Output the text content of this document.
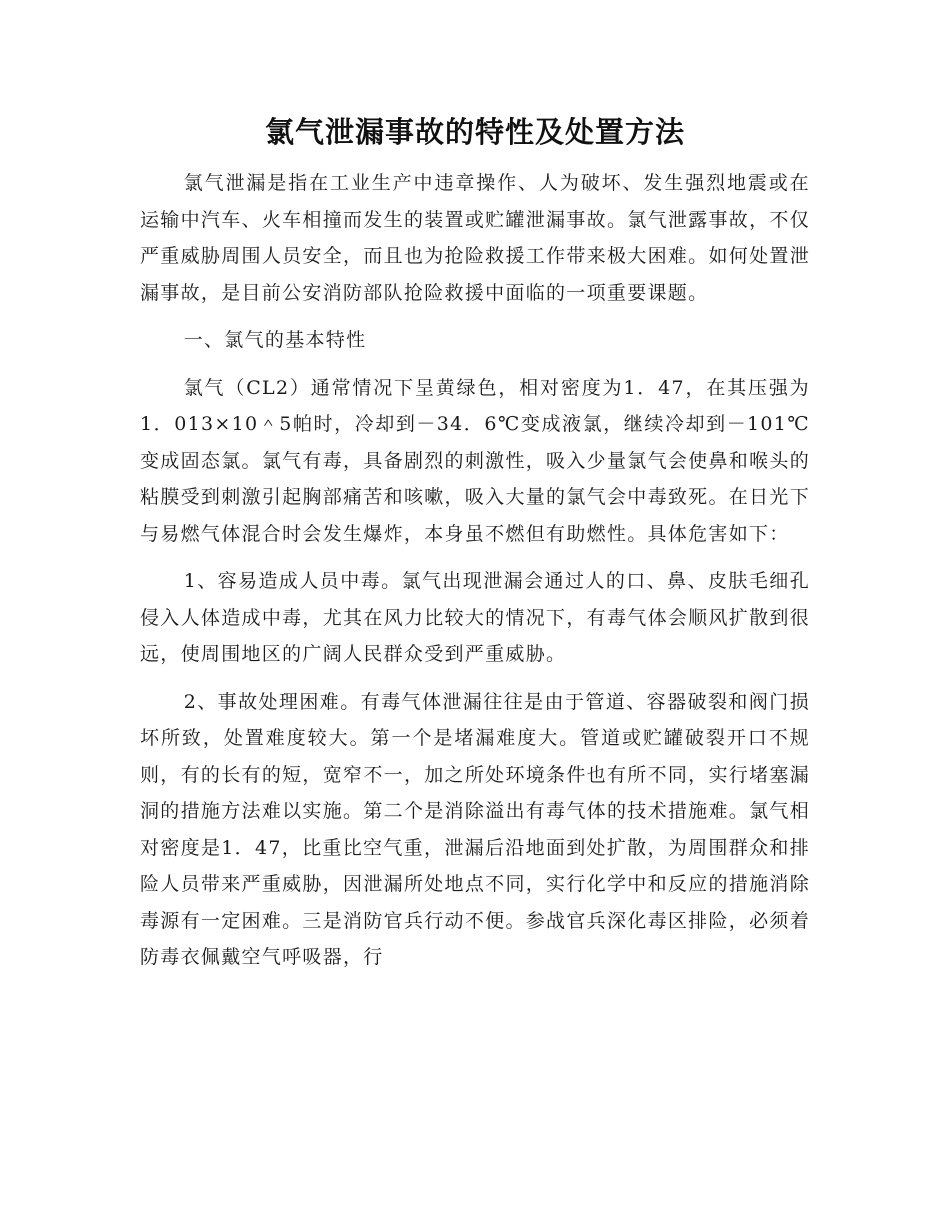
氯气泄漏事故的特性及处置方法

氯气泄漏是指在工业生产中违章操作、人为破坏、发生强烈地震或在运输中汽车、火车相撞而发生的装置或贮罐泄漏事故。氯气泄露事故，不仅严重威胁周围人员安全，而且也为抢险救援工作带来极大困难。如何处置泄漏事故，是目前公安消防部队抢险救援中面临的一项重要课题。

一、氯气的基本特性

氯气（CL2）通常情况下呈黄绿色，相对密度为1．47，在其压强为1．013×10＾5帕时，冷却到－34．6℃变成液氯，继续冷却到－101℃变成固态氯。氯气有毒，具备剧烈的刺激性，吸入少量氯气会使鼻和喉头的粘膜受到刺激引起胸部痛苦和咳嗽，吸入大量的氯气会中毒致死。在日光下与易燃气体混合时会发生爆炸，本身虽不燃但有助燃性。具体危害如下：

1、容易造成人员中毒。氯气出现泄漏会通过人的口、鼻、皮肤毛细孔侵入人体造成中毒，尤其在风力比较大的情况下，有毒气体会顺风扩散到很远，使周围地区的广阔人民群众受到严重威胁。

2、事故处理困难。有毒气体泄漏往往是由于管道、容器破裂和阀门损坏所致，处置难度较大。第一个是堵漏难度大。管道或贮罐破裂开口不规则，有的长有的短，宽窄不一，加之所处环境条件也有所不同，实行堵塞漏洞的措施方法难以实施。第二个是消除溢出有毒气体的技术措施难。氯气相对密度是1．47，比重比空气重，泄漏后沿地面到处扩散，为周围群众和排险人员带来严重威胁，因泄漏所处地点不同，实行化学中和反应的措施消除毒源有一定困难。三是消防官兵行动不便。参战官兵深化毒区排险，必须着防毒衣佩戴空气呼吸器，行
